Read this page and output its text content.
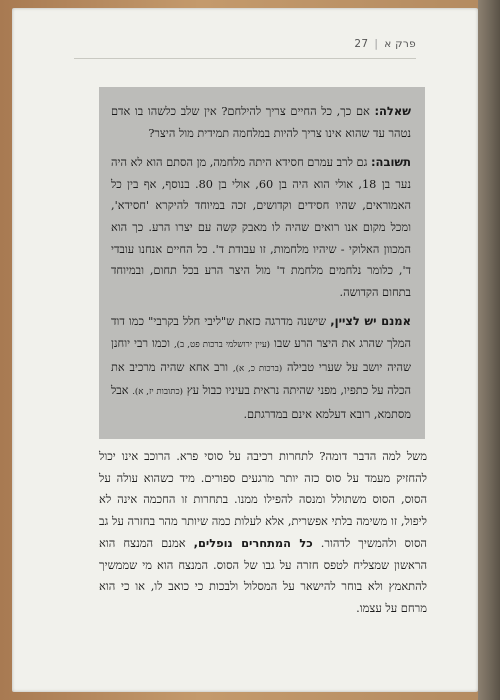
פרק א
|
27

שאלה: אם כך, כל החיים צריך להילחם? אין שלב כלשהו בו אדם נטהר עד שהוא אינו צריך להיות במלחמה תמידית מול היצר?

תשובה: גם לרב עמרם חסידא היתה מלחמה, מן הסתם הוא לא היה נער בן 18, אולי הוא היה בן 60, אולי בן 80. בנוסף, אף בין כל האמוראים, שהיו חסידים וקדושים, זכה במיוחד להיקרא 'חסידא', ומכל מקום אנו רואים שהיה לו מאבק קשה עם יצרו הרע. כך הוא המכוון האלוקי - שיהיו מלחמות, זו עבודת ד'. כל החיים אנחנו עובדי ד', כלומר נלחמים מלחמת ד' מול היצר הרע בכל תחום, ובמיוחד בתחום הקדושה.

אמנם יש לציין, שישנה מדרגה כזאת ש"ליבי חלל בקרבי" כמו דוד המלך שהרג את היצר הרע שבו (עיין ירושלמי ברכות פט, ב), וכמו רבי יוחנן שהיה יושב על שערי טבילה (ברכות כ, א), ורב אחא שהיה מרכיב את הכלה על כתפיו, מפני שהיתה נראית בעיניו כבול עץ (כתובות יז, א). אבל מסתמא, רובא דעלמא אינם במדרגתם.

משל למה הדבר דומה? לתחרות רכיבה על סוסי פרא. הרוכב אינו יכול להחזיק מעמד על סוס כזה יותר מרגעים ספורים. מיד כשהוא עולה על הסוס, הסוס משתולל ומנסה להפילו ממנו. בתחרות זו החכמה אינה לא ליפול, זו משימה בלתי אפשרית, אלא לעלות כמה שיותר מהר בחזרה על גב הסוס ולהמשיך לדהור. כל המתחרים נופלים, אמנם המנצח הוא הראשון שמצליח לטפס חזרה על גבו של הסוס. המנצח הוא מי שממשיך להתאמץ ולא בוחר להישאר על המסלול ולבכות כי כואב לו, או כי הוא מרחם על עצמו.
